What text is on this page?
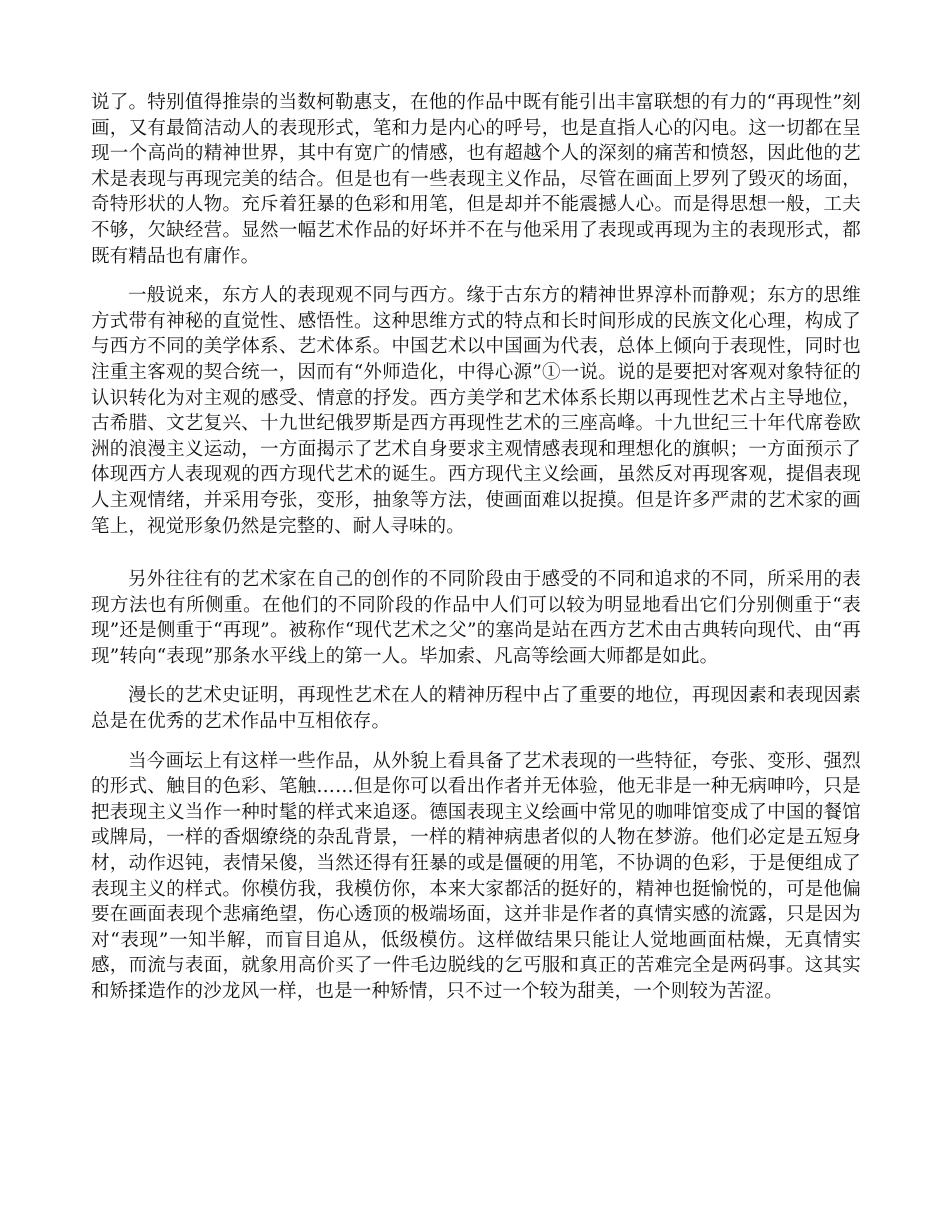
说了。特别值得推崇的当数柯勒惠支，在他的作品中既有能引出丰富联想的有力的“再现性”刻画，又有最简洁动人的表现形式，笔和力是内心的呼号，也是直指人心的闪电。这一切都在呈现一个高尚的精神世界，其中有宽广的情感，也有超越个人的深刻的痛苦和愤怒，因此他的艺术是表现与再现完美的结合。但是也有一些表现主义作品，尽管在画面上罗列了毁灭的场面，奇特形状的人物。充斥着狂暴的色彩和用笔，但是却并不能震撼人心。而是得思想一般，工夫不够，欠缺经营。显然一幅艺术作品的好坏并不在与他采用了表现或再现为主的表现形式，都既有精品也有庸作。

一般说来，东方人的表现观不同与西方。缘于古东方的精神世界淳朴而静观；东方的思维方式带有神秘的直觉性、感悟性。这种思维方式的特点和长时间形成的民族文化心理，构成了与西方不同的美学体系、艺术体系。中国艺术以中国画为代表，总体上倾向于表现性，同时也注重主客观的契合统一，因而有“外师造化，中得心源”①一说。说的是要把对客观对象特征的认识转化为对主观的感受、情意的抒发。西方美学和艺术体系长期以再现性艺术占主导地位，古希腊、文艺复兴、十九世纪俄罗斯是西方再现性艺术的三座高峰。十九世纪三十年代席卷欧洲的浪漫主义运动，一方面揭示了艺术自身要求主观情感表现和理想化的旗帜；一方面预示了体现西方人表现观的西方现代艺术的诞生。西方现代主义绘画，虽然反对再现客观，提倡表现人主观情绪，并采用夸张，变形，抽象等方法，使画面难以捉摸。但是许多严肃的艺术家的画笔上，视觉形象仍然是完整的、耐人寻味的。

另外往往有的艺术家在自己的创作的不同阶段由于感受的不同和追求的不同，所采用的表现方法也有所侧重。在他们的不同阶段的作品中人们可以较为明显地看出它们分别侧重于“表现”还是侧重于“再现”。被称作“现代艺术之父”的塞尚是站在西方艺术由古典转向现代、由“再现”转向“表现”那条水平线上的第一人。毕加索、凡高等绘画大师都是如此。

漫长的艺术史证明，再现性艺术在人的精神历程中占了重要的地位，再现因素和表现因素总是在优秀的艺术作品中互相依存。

当今画坛上有这样一些作品，从外貌上看具备了艺术表现的一些特征，夸张、变形、强烈的形式、触目的色彩、笔触……但是你可以看出作者并无体验，他无非是一种无病呻吟，只是把表现主义当作一种时髦的样式来追逐。德国表现主义绘画中常见的咖啡馆变成了中国的餐馆或牌局，一样的香烟缭绕的杂乱背景，一样的精神病患者似的人物在梦游。他们必定是五短身材，动作迟钝，表情呆傻，当然还得有狂暴的或是僵硬的用笔，不协调的色彩，于是便组成了表现主义的样式。你模仿我，我模仿你，本来大家都活的挺好的，精神也挺愉悦的，可是他偏要在画面表现个悲痛绝望，伤心透顶的极端场面，这并非是作者的真情实感的流露，只是因为对“表现”一知半解，而盲目追从，低级模仿。这样做结果只能让人觉地画面枯燥，无真情实感，而流与表面，就象用高价买了一件毛边脱线的乞丐服和真正的苦难完全是两码事。这其实和矫揉造作的沙龙风一样，也是一种矫情，只不过一个较为甜美，一个则较为苦涩。
